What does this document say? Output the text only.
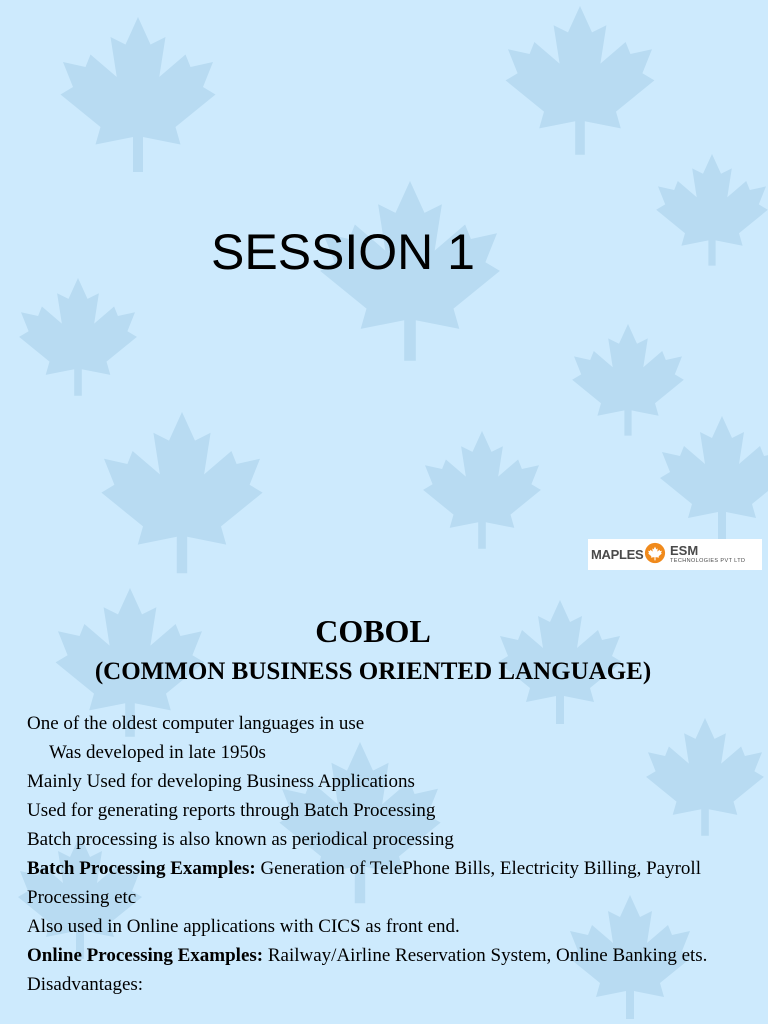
SESSION 1
MAPLES ESM
TECHNOLOGIES PVT LTD
COBOL
(COMMON BUSINESS ORIENTED LANGUAGE)

One of the oldest computer languages in use

Was developed in late 1950s

Mainly Used for developing Business Applications

Used for generating reports through Batch Processing

Batch processing is also known as periodical processing

Batch Processing Examples: Generation of TelePhone Bills, Electricity Billing, Payroll Processing etc

Also used in Online applications with CICS as front end.

Online Processing Examples: Railway/Airline Reservation System, Online Banking ets.

Disadvantages:
